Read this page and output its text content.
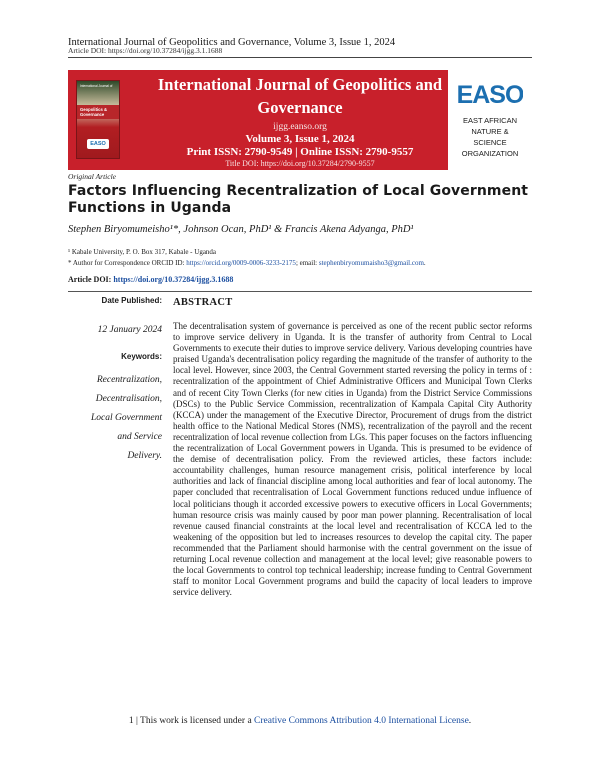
International Journal of Geopolitics and Governance, Volume 3, Issue 1, 2024
Article DOI: https://doi.org/10.37284/ijgg.3.1.1688
International Journal of
Geopolitics & Governance
EASO
International Journal of Geopolitics and Governance
ijgg.eanso.org
Volume 3, Issue 1, 2024
Print ISSN: 2790-9549 | Online ISSN: 2790-9557
Title DOI: https://doi.org/10.37284/2790-9557
EASO
EAST AFRICAN
NATURE &
SCIENCE
ORGANIZATION
Original Article
Factors Influencing Recentralization of Local Government Functions in Uganda
Stephen Biryomumeisho¹*, Johnson Ocan, PhD¹ & Francis Akena Adyanga, PhD¹
¹ Kabale University, P. O. Box 317, Kabale - Uganda
* Author for Correspondence ORCID ID: https://orcid.org/0009-0006-3233-2175; email: stephenbiryomumaisho3@gmail.com.
Article DOI: https://doi.org/10.37284/ijgg.3.1688
Date Published:
12 January 2024
Keywords:
Recentralization,
Decentralisation,
Local Government
and Service
Delivery.
ABSTRACT
The decentralisation system of governance is perceived as one of the recent public sector reforms to improve service delivery in Uganda. It is the transfer of authority from Central to Local Governments to execute their duties to improve service delivery. Various developing countries have praised Uganda's decentralisation policy regarding the magnitude of the transfer of authority to the local level. However, since 2003, the Central Government started reversing the policy in terms of : recentralization of the appointment of Chief Administrative Officers and Municipal Town Clerks and of recent City Town Clerks (for new cities in Uganda) from the District Service Commissions (DSCs) to the Public Service Commission, recentralization of Kampala Capital City Authority (KCCA) under the management of the Executive Director, Procurement of drugs from the district health office to the National Medical Stores (NMS), recentralization of the payroll and the recent recentralization of local revenue collection from LGs. This paper focuses on the factors influencing the recentralization of Local Government powers in Uganda. This is presumed to be evidence of the demise of decentralisation policy. From the reviewed articles, these factors include: accountability challenges, human resource management crisis, political interference by local authorities and lack of financial discipline among local authorities and fear of local autonomy. The paper concluded that recentralisation of Local Government functions reduced undue influence of local politicians though it accorded excessive powers to executive officers in Local Governments; human resource crisis was mainly caused by poor man power planning. Recentralisation of local revenue caused financial constraints at the local level and recentralisation of KCCA led to the weakening of the opposition but led to increases resources to develop the capital city. The paper recommended that the Parliament should harmonise with the central government on the issue of returning Local revenue collection and management at the local level; give reasonable powers to the local Governments to control top technical leadership; increase funding to Central Government staff to monitor Local Government programs and build the capacity of local leaders to improve service delivery.
1 | This work is licensed under a Creative Commons Attribution 4.0 International License.
